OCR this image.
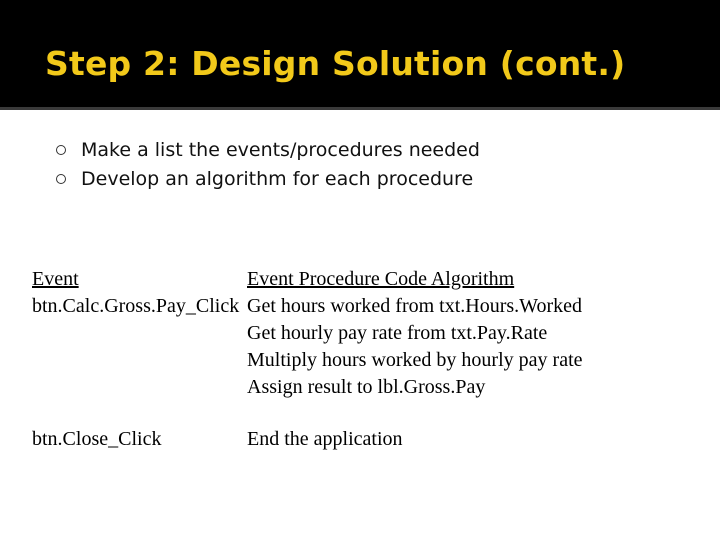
Step 2: Design Solution (cont.)
Make a list the events/procedures needed
Develop an algorithm for each procedure
Event	Event Procedure Code Algorithm
btn.Calc.Gross.Pay_Click Get hours worked from txt.Hours.Worked
Get hourly pay rate from txt.Pay.Rate
Multiply hours worked by hourly pay rate
Assign result to lbl.Gross.Pay
btn.Close_Click	End the application
